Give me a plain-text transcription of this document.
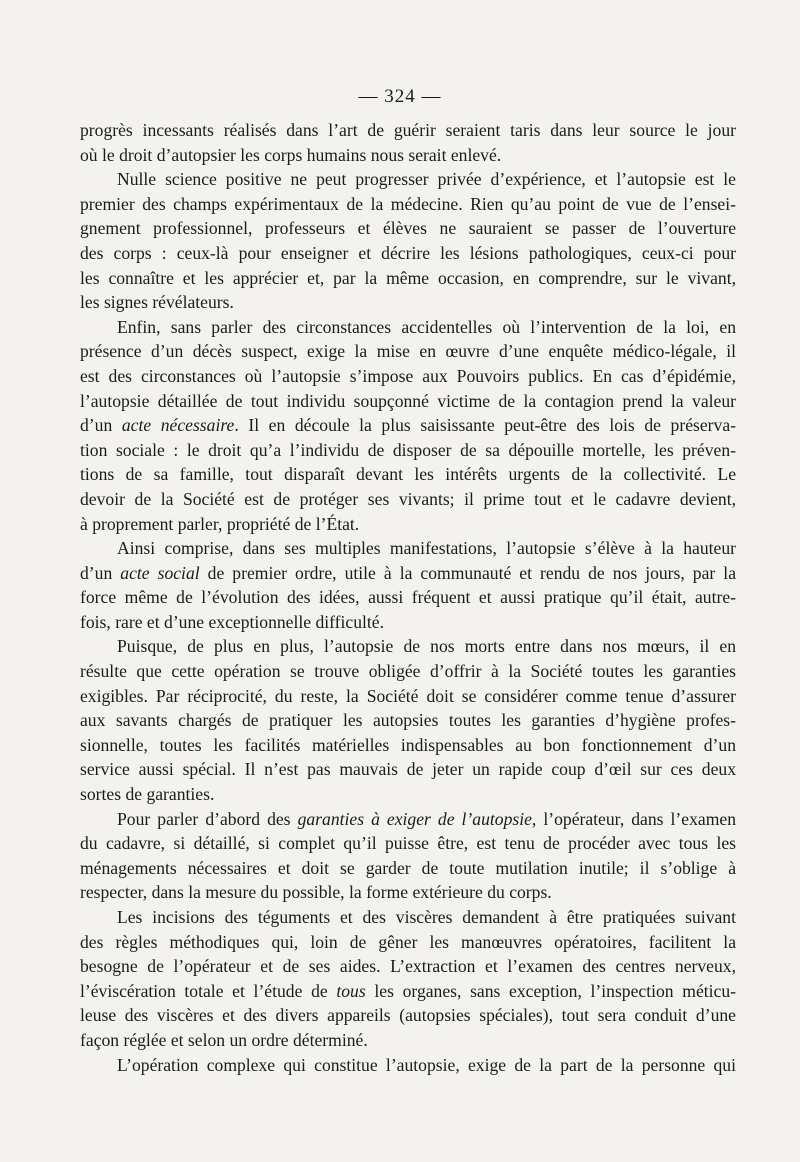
— 324 —
progrès incessants réalisés dans l’art de guérir seraient taris dans leur source le jour
où le droit d’autopsier les corps humains nous serait enlevé.
Nulle science positive ne peut progresser privée d’expérience, et l’autopsie est le
premier des champs expérimentaux de la médecine. Rien qu’au point de vue de l’ensei-
gnement professionnel, professeurs et élèves ne sauraient se passer de l’ouverture
des corps : ceux-là pour enseigner et décrire les lésions pathologiques, ceux-ci pour
les connaître et les apprécier et, par la même occasion, en comprendre, sur le vivant,
les signes révélateurs.
Enfin, sans parler des circonstances accidentelles où l’intervention de la loi, en
présence d’un décès suspect, exige la mise en œuvre d’une enquête médico-légale, il
est des circonstances où l’autopsie s’impose aux Pouvoirs publics. En cas d’épidémie,
l’autopsie détaillée de tout individu soupçonné victime de la contagion prend la valeur
d’un acte nécessaire. Il en découle la plus saisissante peut-être des lois de préserva-
tion sociale : le droit qu’a l’individu de disposer de sa dépouille mortelle, les préven-
tions de sa famille, tout disparaît devant les intérêts urgents de la collectivité. Le
devoir de la Société est de protéger ses vivants; il prime tout et le cadavre devient,
à proprement parler, propriété de l’État.
Ainsi comprise, dans ses multiples manifestations, l’autopsie s’élève à la hauteur
d’un acte social de premier ordre, utile à la communauté et rendu de nos jours, par la
force même de l’évolution des idées, aussi fréquent et aussi pratique qu’il était, autre-
fois, rare et d’une exceptionnelle difficulté.
Puisque, de plus en plus, l’autopsie de nos morts entre dans nos mœurs, il en
résulte que cette opération se trouve obligée d’offrir à la Société toutes les garanties
exigibles. Par réciprocité, du reste, la Société doit se considérer comme tenue d’assurer
aux savants chargés de pratiquer les autopsies toutes les garanties d’hygiène profes-
sionnelle, toutes les facilités matérielles indispensables au bon fonctionnement d’un
service aussi spécial. Il n’est pas mauvais de jeter un rapide coup d’œil sur ces deux
sortes de garanties.
Pour parler d’abord des garanties à exiger de l’autopsie, l’opérateur, dans l’examen
du cadavre, si détaillé, si complet qu’il puisse être, est tenu de procéder avec tous les
ménagements nécessaires et doit se garder de toute mutilation inutile; il s’oblige à
respecter, dans la mesure du possible, la forme extérieure du corps.
Les incisions des téguments et des viscères demandent à être pratiquées suivant
des règles méthodiques qui, loin de gêner les manœuvres opératoires, facilitent la
besogne de l’opérateur et de ses aides. L’extraction et l’examen des centres nerveux,
l’éviscération totale et l’étude de tous les organes, sans exception, l’inspection méticu-
leuse des viscères et des divers appareils (autopsies spéciales), tout sera conduit d’une
façon réglée et selon un ordre déterminé.
L’opération complexe qui constitue l’autopsie, exige de la part de la personne qui
